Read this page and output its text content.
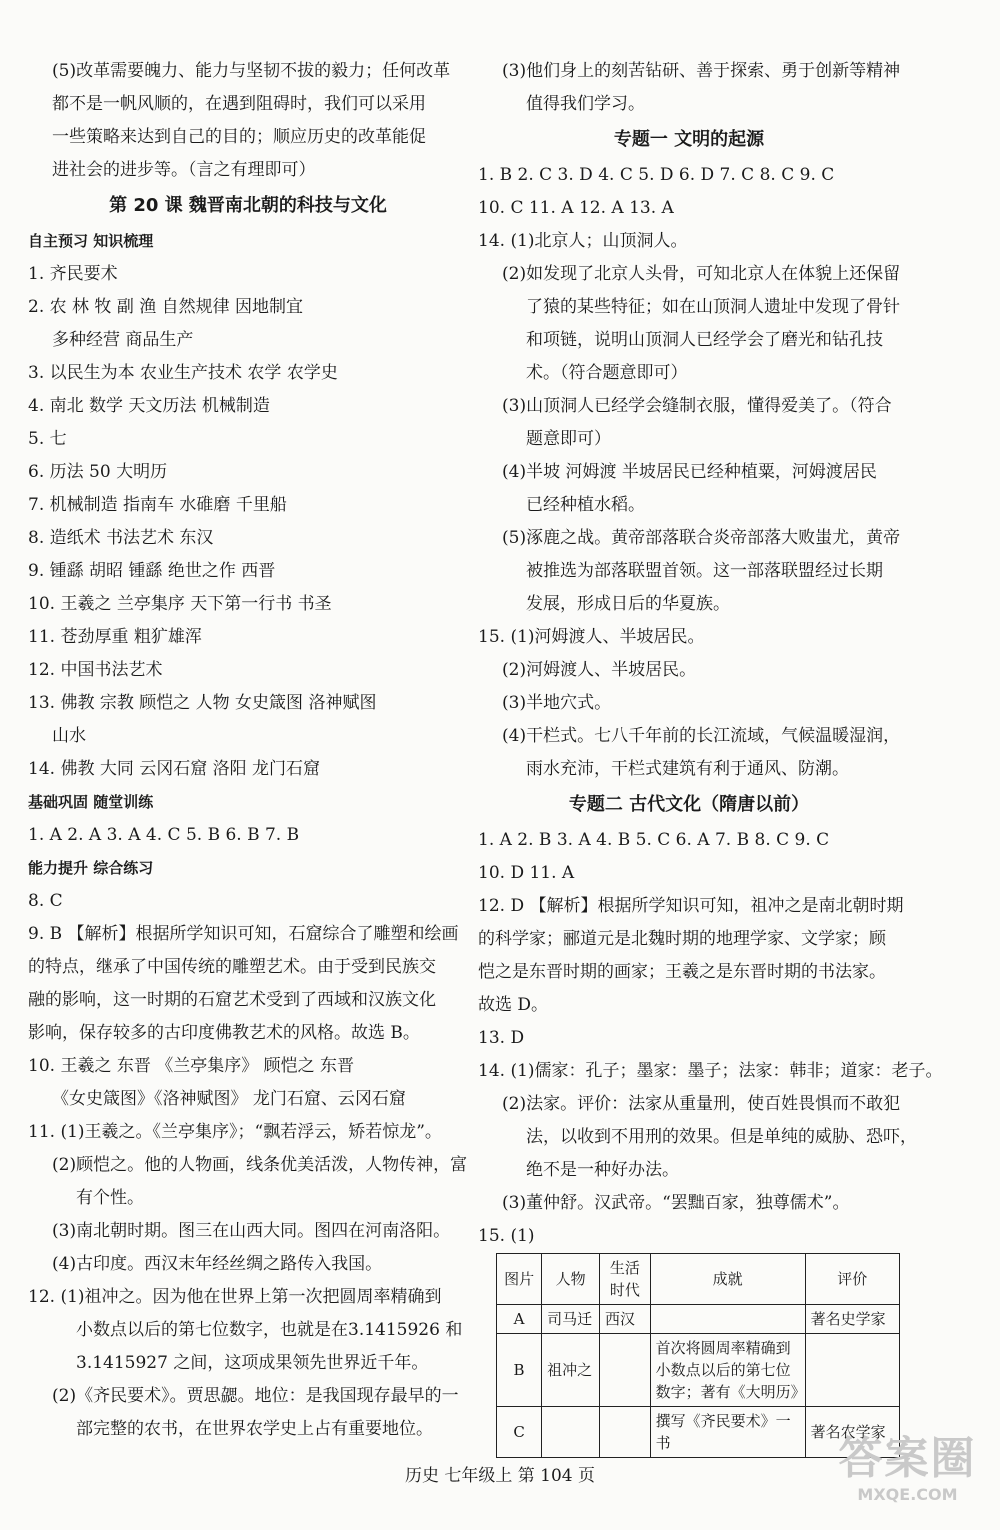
(5)改革需要魄力、能力与坚韧不拔的毅力；任何改革
都不是一帆风顺的，在遇到阻碍时，我们可以采用
一些策略来达到自己的目的；顺应历史的改革能促
进社会的进步等。（言之有理即可）
第 20 课 魏晋南北朝的科技与文化
自主预习 知识梳理
1. 齐民要术
2. 农 林 牧 副 渔 自然规律 因地制宜
多种经营 商品生产
3. 以民生为本 农业生产技术 农学 农学史
4. 南北 数学 天文历法 机械制造
5. 七
6. 历法 50 大明历
7. 机械制造 指南车 水碓磨 千里船
8. 造纸术 书法艺术 东汉
9. 锺繇 胡昭 锺繇 绝世之作 西晋
10. 王羲之 兰亭集序 天下第一行书 书圣
11. 苍劲厚重 粗犷雄浑
12. 中国书法艺术
13. 佛教 宗教 顾恺之 人物 女史箴图 洛神赋图
山水
14. 佛教 大同 云冈石窟 洛阳 龙门石窟
基础巩固 随堂训练
1. A 2. A 3. A 4. C 5. B 6. B 7. B
能力提升 综合练习
8. C
9. B 【解析】根据所学知识可知，石窟综合了雕塑和绘画
的特点，继承了中国传统的雕塑艺术。由于受到民族交
融的影响，这一时期的石窟艺术受到了西域和汉族文化
影响，保存较多的古印度佛教艺术的风格。故选 B。
10. 王羲之 东晋 《兰亭集序》 顾恺之 东晋
《女史箴图》《洛神赋图》 龙门石窟、云冈石窟
11. (1)王羲之。《兰亭集序》；“飘若浮云，矫若惊龙”。
(2)顾恺之。他的人物画，线条优美活泼，人物传神，富
有个性。
(3)南北朝时期。图三在山西大同。图四在河南洛阳。
(4)古印度。西汉末年经丝绸之路传入我国。
12. (1)祖冲之。因为他在世界上第一次把圆周率精确到
小数点以后的第七位数字，也就是在3.1415926 和
3.1415927 之间，这项成果领先世界近千年。
(2)《齐民要术》。贾思勰。地位：是我国现存最早的一
部完整的农书，在世界农学史上占有重要地位。
(3)他们身上的刻苦钻研、善于探索、勇于创新等精神
值得我们学习。
专题一 文明的起源
1. B 2. C 3. D 4. C 5. D 6. D 7. C 8. C 9. C
10. C 11. A 12. A 13. A
14. (1)北京人；山顶洞人。
(2)如发现了北京人头骨，可知北京人在体貌上还保留
了猿的某些特征；如在山顶洞人遗址中发现了骨针
和项链，说明山顶洞人已经学会了磨光和钻孔技
术。（符合题意即可）
(3)山顶洞人已经学会缝制衣服，懂得爱美了。（符合
题意即可）
(4)半坡 河姆渡 半坡居民已经种植粟，河姆渡居民
已经种植水稻。
(5)涿鹿之战。黄帝部落联合炎帝部落大败蚩尤，黄帝
被推选为部落联盟首领。这一部落联盟经过长期
发展，形成日后的华夏族。
15. (1)河姆渡人、半坡居民。
(2)河姆渡人、半坡居民。
(3)半地穴式。
(4)干栏式。七八千年前的长江流域，气候温暖湿润，
雨水充沛，干栏式建筑有利于通风、防潮。
专题二 古代文化（隋唐以前）
1. A 2. B 3. A 4. B 5. C 6. A 7. B 8. C 9. C
10. D 11. A
12. D 【解析】根据所学知识可知，祖冲之是南北朝时期
的科学家；郦道元是北魏时期的地理学家、文学家；顾
恺之是东晋时期的画家；王羲之是东晋时期的书法家。
故选 D。
13. D
14. (1)儒家：孔子；墨家：墨子；法家：韩非；道家：老子。
(2)法家。评价：法家从重量刑，使百姓畏惧而不敢犯
法，以收到不用刑的效果。但是单纯的威胁、恐吓，
绝不是一种好办法。
(3)董仲舒。汉武帝。“罢黜百家，独尊儒术”。
15. (1)
图片	人物	生活时代	成就	评价
A	司马迁	西汉		著名史学家
B	祖冲之		首次将圆周率精确到小数点以后的第七位数字；著有《大明历》	
C			撰写《齐民要术》一书	著名农学家
历史 七年级上 第 104 页	答案圈
MXQE.COM
